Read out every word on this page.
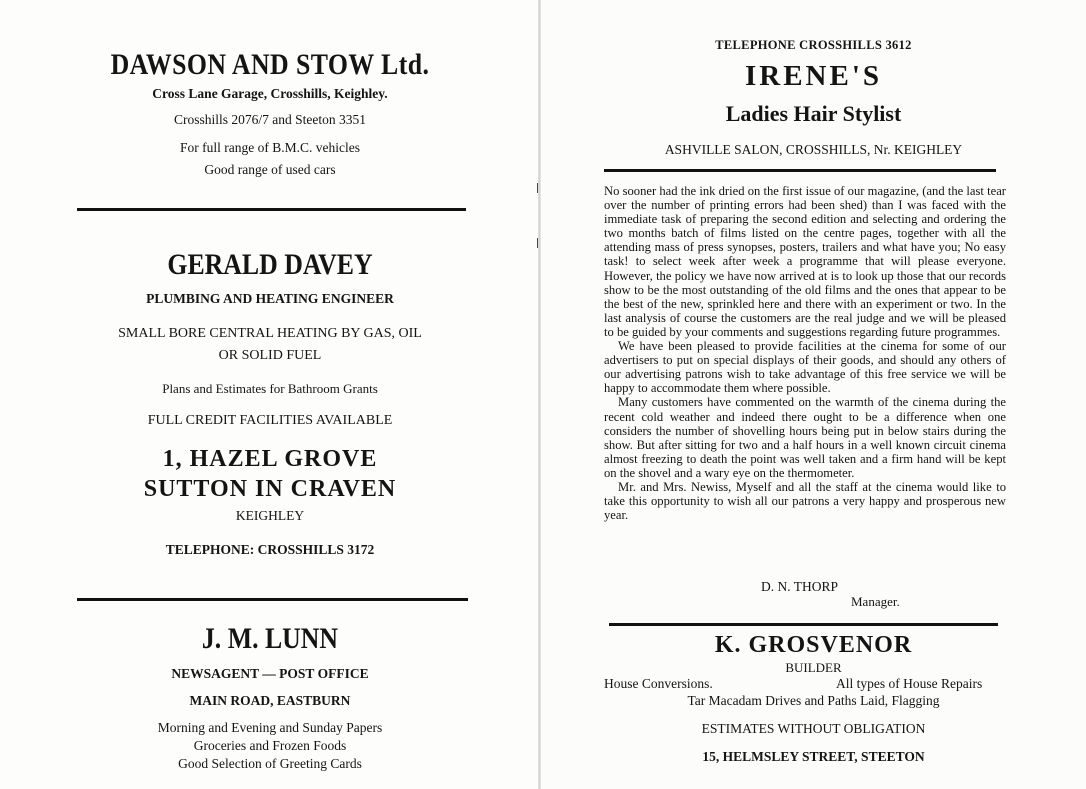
DAWSON AND STOW Ltd.
Cross Lane Garage, Crosshills, Keighley.
Crosshills 2076/7 and Steeton 3351
For full range of B.M.C. vehicles
Good range of used cars
GERALD DAVEY
PLUMBING AND HEATING ENGINEER
SMALL BORE CENTRAL HEATING BY GAS, OIL
OR SOLID FUEL
Plans and Estimates for Bathroom Grants
FULL CREDIT FACILITIES AVAILABLE
1, HAZEL GROVE
SUTTON IN CRAVEN
KEIGHLEY
TELEPHONE: CROSSHILLS 3172
J. M. LUNN
NEWSAGENT — POST OFFICE
MAIN ROAD, EASTBURN
Morning and Evening and Sunday Papers
Groceries and Frozen Foods
Good Selection of Greeting Cards
TELEPHONE CROSSHILLS 3612
IRENE'S
Ladies Hair Stylist
ASHVILLE SALON, CROSSHILLS, Nr. KEIGHLEY

No sooner had the ink dried on the first issue of our magazine, (and the last tear over the number of printing errors had been shed) than I was faced with the immediate task of preparing the second edition and selecting and ordering the two months batch of films listed on the centre pages, together with all the attending mass of press synopses, posters, trailers and what have you; No easy task! to select week after week a programme that will please everyone. However, the policy we have now arrived at is to look up those that our records show to be the most outstanding of the old films and the ones that appear to be the best of the new, sprinkled here and there with an experiment or two. In the last analysis of course the customers are the real judge and we will be pleased to be guided by your comments and suggestions regarding future programmes.

We have been pleased to provide facilities at the cinema for some of our advertisers to put on special displays of their goods, and should any others of our advertising patrons wish to take advantage of this free service we will be happy to accommodate them where possible.

Many customers have commented on the warmth of the cinema during the recent cold weather and indeed there ought to be a difference when one considers the number of shovelling hours being put in below stairs during the show. But after sitting for two and a half hours in a well known circuit cinema almost freezing to death the point was well taken and a firm hand will be kept on the shovel and a wary eye on the thermometer.

Mr. and Mrs. Newiss, Myself and all the staff at the cinema would like to take this opportunity to wish all our patrons a very happy and prosperous new year.

D. N. THORP
Manager.
K. GROSVENOR
BUILDER
House Conversions.	All types of House Repairs
Tar Macadam Drives and Paths Laid, Flagging
ESTIMATES WITHOUT OBLIGATION
15, HELMSLEY STREET, STEETON
